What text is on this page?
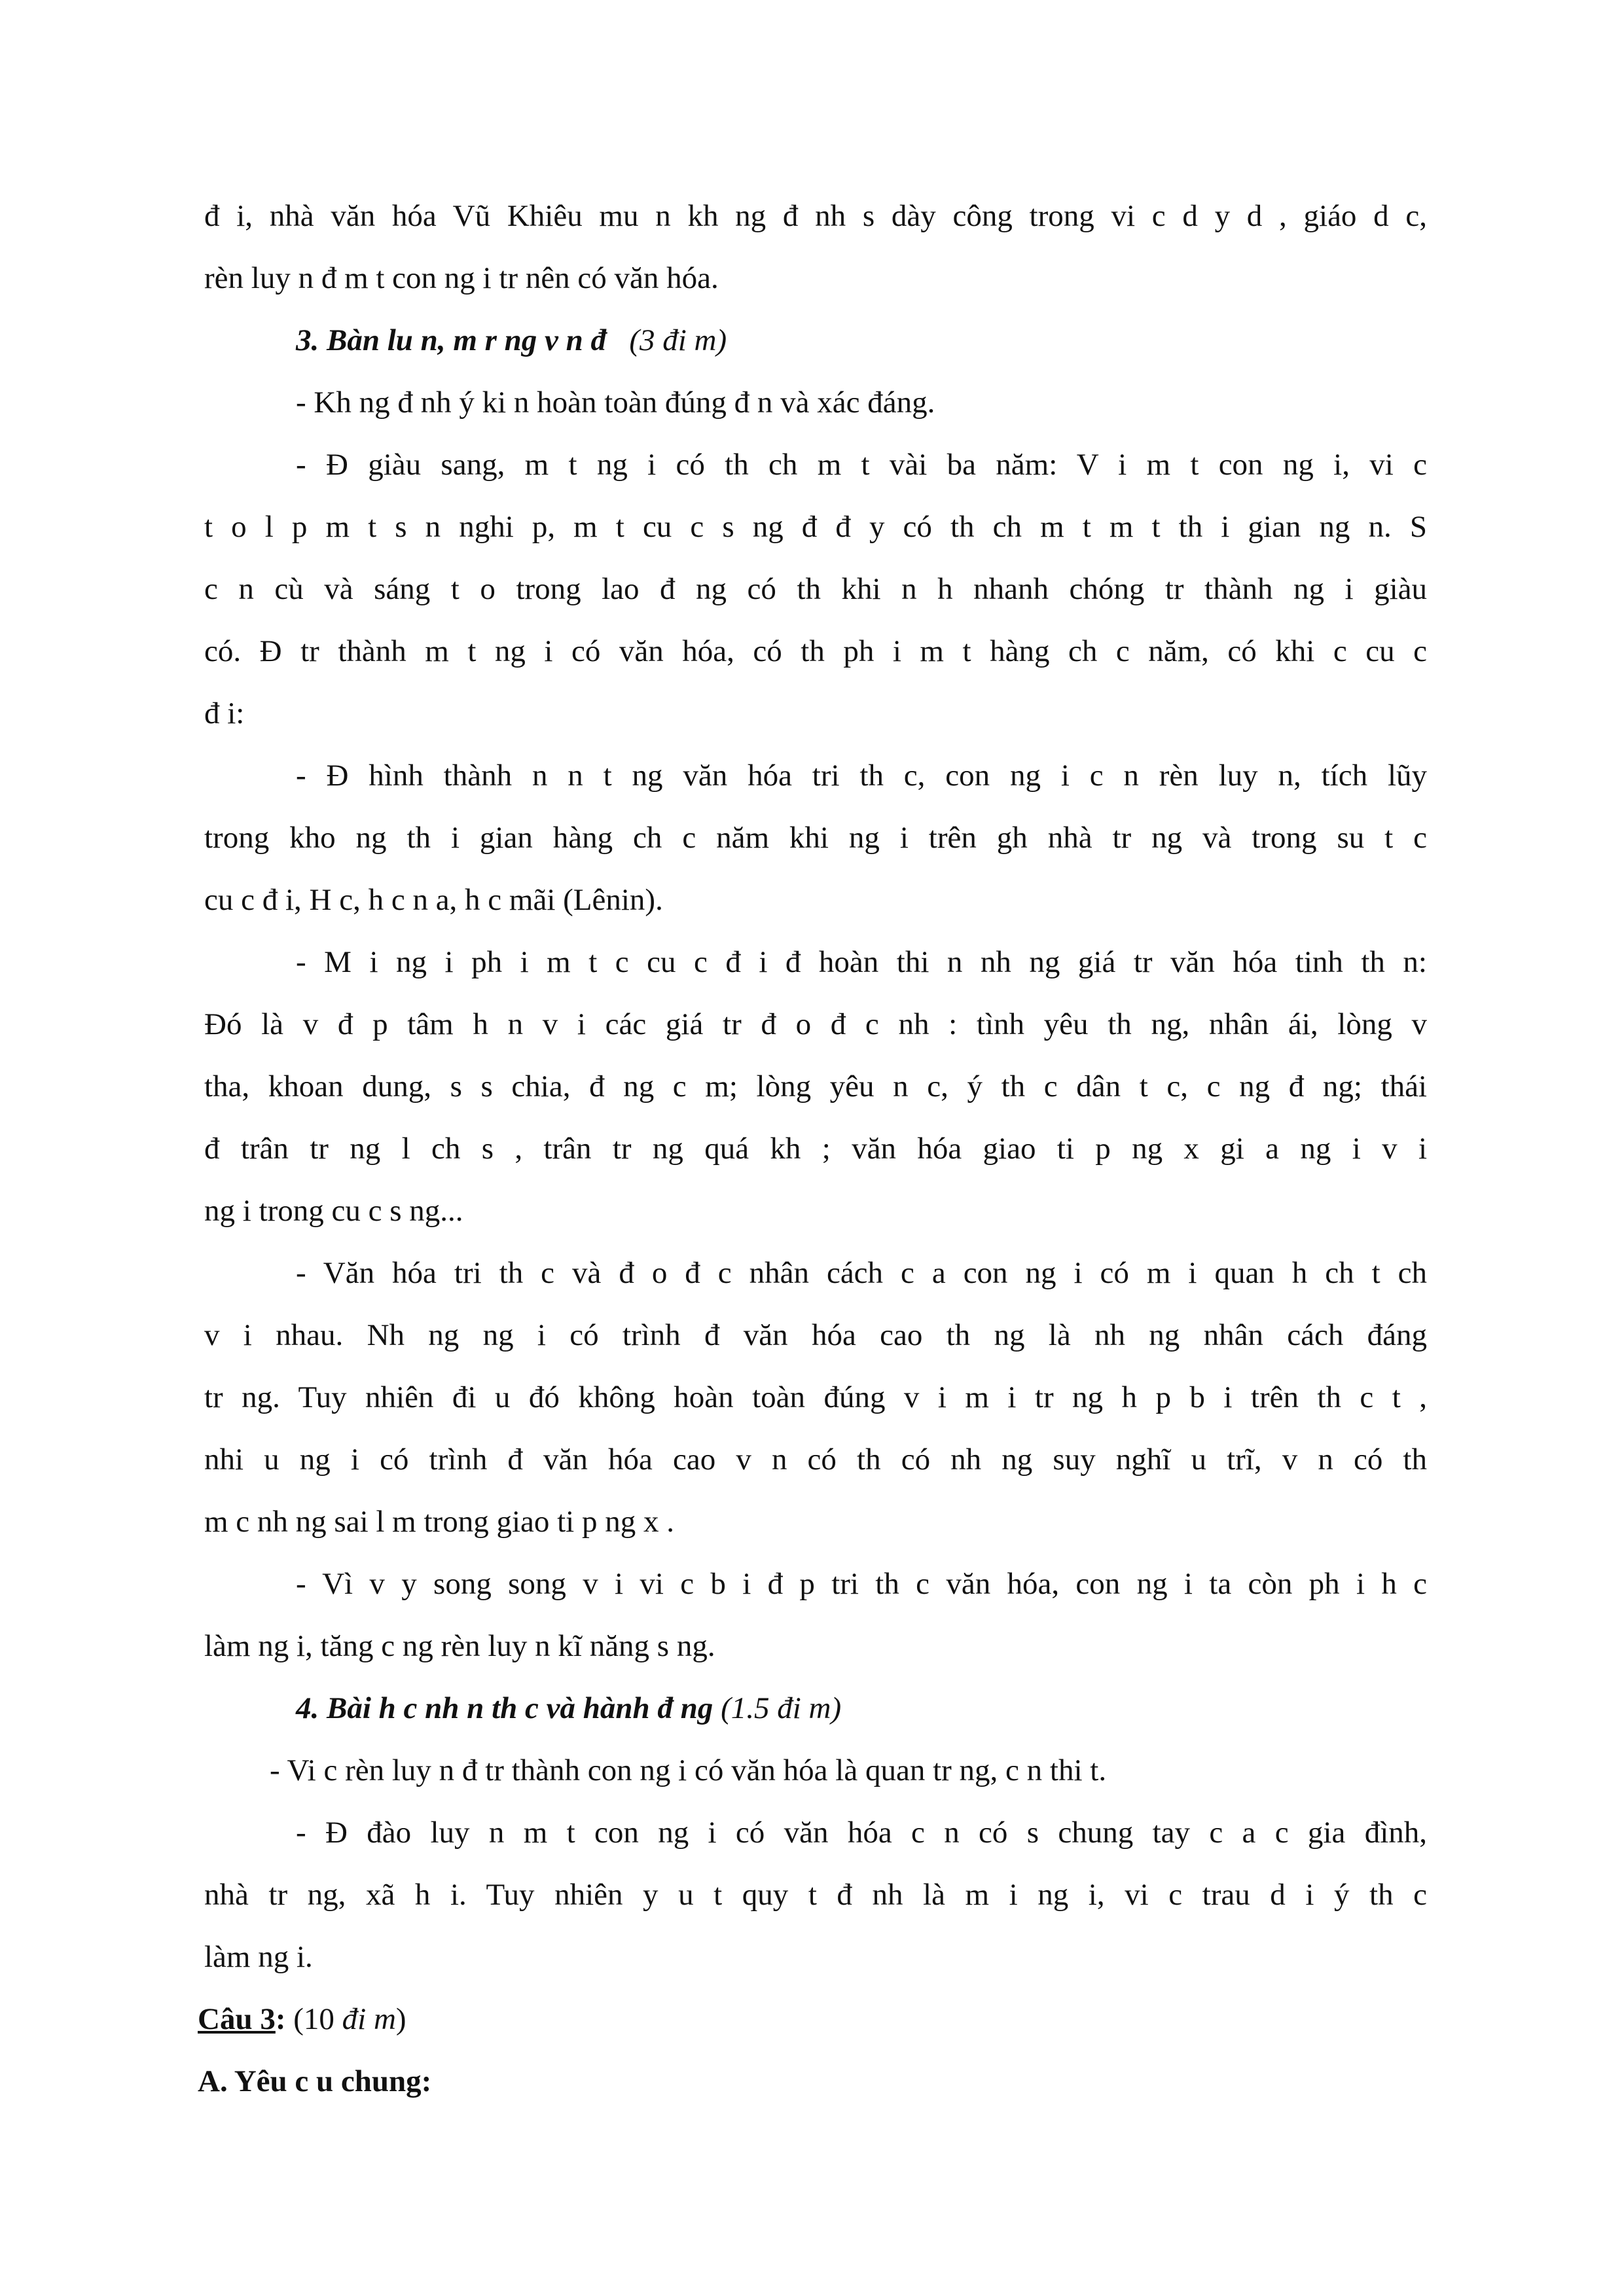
đ i, nhà văn hóa Vũ Khiêu mu n kh ng đ nh s dày công trong vi c d y d , giáo d c,
rèn luy n đ m t con ng i tr nên có văn hóa.
3. Bàn lu n, m r ng v n đ (3 đi m)
- Kh ng đ nh ý ki n hoàn toàn đúng đ n và xác đáng.
- Đ giàu sang, m t ng i có th ch m t vài ba năm: V i m t con ng i, vi c
t o l p m t s n nghi p, m t cu c s ng đ đ y có th ch m t m t th i gian ng n. S
c n cù và sáng t o trong lao đ ng có th khi n h nhanh chóng tr thành ng i giàu
có. Đ tr thành m t ng i có văn hóa, có th ph i m t hàng ch c năm, có khi c cu c
đ i:
- Đ hình thành n n t ng văn hóa tri th c, con ng i c n rèn luy n, tích lũy
trong kho ng th i gian hàng ch c năm khi ng i trên gh nhà tr ng và trong su t c
cu c đ i, H c, h c n a, h c mãi (Lênin).
- M i ng i ph i m t c cu c đ i đ hoàn thi n nh ng giá tr văn hóa tinh th n:
Đó là v đ p tâm h n v i các giá tr đ o đ c nh : tình yêu th ng, nhân ái, lòng v
tha, khoan dung, s s chia, đ ng c m; lòng yêu n c, ý th c dân t c, c ng đ ng; thái
đ trân tr ng l ch s , trân tr ng quá kh ; văn hóa giao ti p ng x gi a ng i v i
ng i trong cu c s ng...
- Văn hóa tri th c và đ o đ c nhân cách c a con ng i có m i quan h ch t ch
v i nhau. Nh ng ng i có trình đ văn hóa cao th ng là nh ng nhân cách đáng
tr ng. Tuy nhiên đi u đó không hoàn toàn đúng v i m i tr ng h p b i trên th c t ,
nhi u ng i có trình đ văn hóa cao v n có th có nh ng suy nghĩ u trĩ, v n có th
m c nh ng sai l m trong giao ti p ng x .
- Vì v y song song v i vi c b i đ p tri th c văn hóa, con ng i ta còn ph i h c
làm ng i, tăng c ng rèn luy n kĩ năng s ng.
4. Bài h c nh n th c và hành đ ng (1.5 đi m)
- Vi c rèn luy n đ tr thành con ng i có văn hóa là quan tr ng, c n thi t.
- Đ đào luy n m t con ng i có văn hóa c n có s chung tay c a c gia đình,
nhà tr ng, xã h i. Tuy nhiên y u t quy t đ nh là m i ng i, vi c trau d i ý th c
làm ng i.
Câu 3: (10 đi m)
A. Yêu c u chung:
